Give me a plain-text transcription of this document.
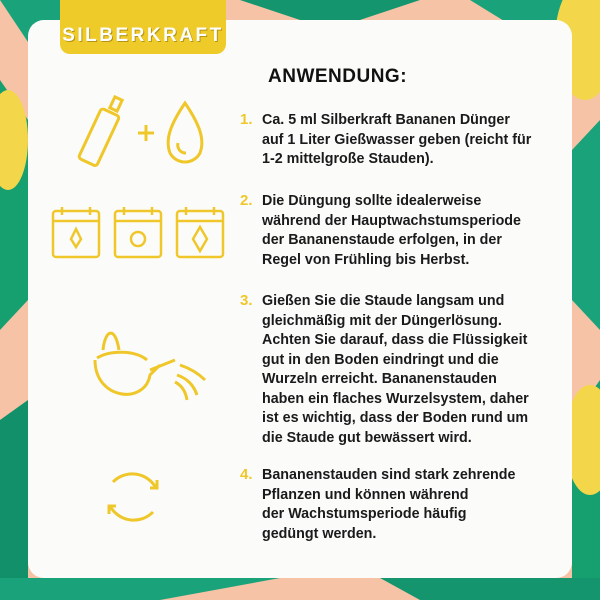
SILBERKRAFT
ANWENDUNG:
1. Ca. 5 ml Silberkraft Bananen Dünger
auf 1 Liter Gießwasser geben (reicht für
1-2 mittelgroße Stauden).
2. Die Düngung sollte idealerweise
während der Hauptwachstumsperiode
der Bananenstaude erfolgen, in der
Regel von Frühling bis Herbst.
3. Gießen Sie die Staude langsam und
gleichmäßig mit der Düngerlösung.
Achten Sie darauf, dass die Flüssigkeit
gut in den Boden eindringt und die
Wurzeln erreicht. Bananenstauden
haben ein flaches Wurzelsystem, daher
ist es wichtig, dass der Boden rund um
die Staude gut bewässert wird.
4. Bananenstauden sind stark zehrende
Pflanzen und können während
der Wachstumsperiode häufig
gedüngt werden.
